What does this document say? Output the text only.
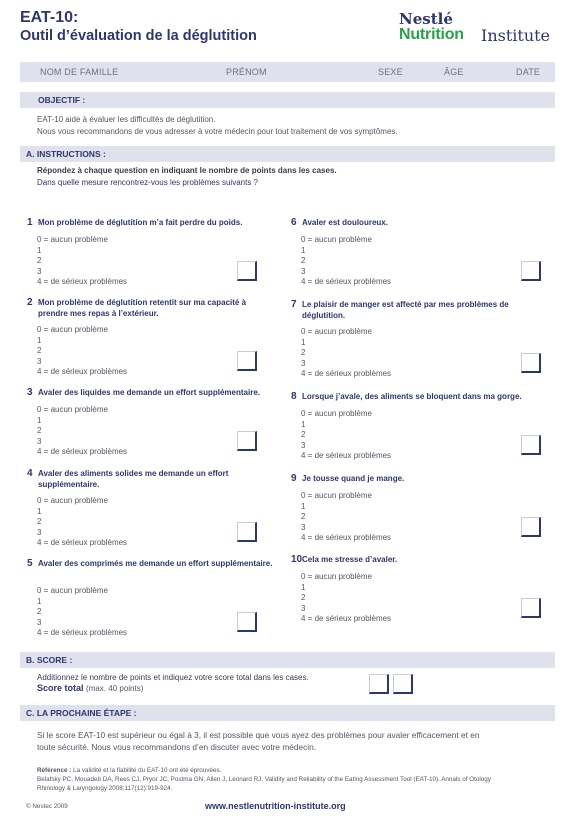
EAT-10:
Outil d’évaluation de la déglutition
Nestlé
Nutrition Institute
NOM DE FAMILLE	PRÉNOM	SEXE	ÂGE	DATE
OBJECTIF :
EAT-10 aide à évaluer les difficultés de déglutition.
Nous vous recommandons de vous adresser à votre médecin pour tout traitement de vos symptômes.
A. INSTRUCTIONS :
Répondez à chaque question en indiquant le nombre de points dans les cases.
Dans quelle mesure rencontrez-vous les problèmes suivants ?
1 Mon problème de déglutition m’a fait perdre du poids.
0 = aucun problème
1
2
3
4 = de sérieux problèmes
2 Mon problème de déglutition retentit sur ma capacité à prendre mes repas à l’extérieur.
0 = aucun problème
1
2
3
4 = de sérieux problèmes
3 Avaler des liquides me demande un effort supplémentaire.
0 = aucun problème
1
2
3
4 = de sérieux problèmes
4 Avaler des aliments solides me demande un effort supplémentaire.
0 = aucun problème
1
2
3
4 = de sérieux problèmes
5 Avaler des comprimés me demande un effort supplémentaire.
0 = aucun problème
1
2
3
4 = de sérieux problèmes
6 Avaler est douloureux.
0 = aucun problème
1
2
3
4 = de sérieux problèmes
7 Le plaisir de manger est affecté par mes problèmes de déglutition.
0 = aucun problème
1
2
3
4 = de sérieux problèmes
8 Lorsque j’avale, des aliments se bloquent dans ma gorge.
0 = aucun problème
1
2
3
4 = de sérieux problèmes
9 Je tousse quand je mange.
0 = aucun problème
1
2
3
4 = de sérieux problèmes
10 Cela me stresse d’avaler.
0 = aucun problème
1
2
3
4 = de sérieux problèmes
B. SCORE :
Additionnez le nombre de points et indiquez votre score total dans les cases.
Score total (max. 40 points)
C. LA PROCHAINE ÉTAPE :
Si le score EAT-10 est supérieur ou égal à 3, il est possible que vous ayez des problèmes pour avaler efficacement et en
toute sécurité. Nous vous recommandons d’en discuter avec votre médecin.
Référence : La validité et la fiabilité du EAT-10 ont été éprouvées.
Belafsky PC, Mouadeb DA, Rees CJ, Pryor JC, Postma GN, Allen J, Leonard RJ. Validity and Reliability of the Eating Assessment Tool (EAT-10). Annals of Otology
Rhinology & Laryngology 2008;117(12):919-924.
© Nestec 2009	www.nestlenutrition-institute.org
